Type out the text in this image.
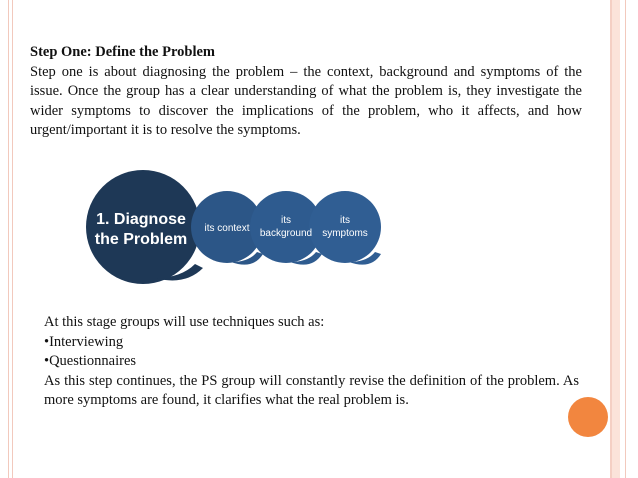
Step One: Define the Problem
Step one is about diagnosing the problem – the context, background and symptoms of the issue. Once the group has a clear understanding of what the problem is, they investigate the wider symptoms to discover the implications of the problem, who it affects, and how urgent/important it is to resolve the symptoms.
1. Diagnose
the Problem
its context
its
background
its
symptoms
At this stage groups will use techniques such as:
•Interviewing
•Questionnaires
As this step continues, the PS group will constantly revise the definition of the problem. As more symptoms are found, it clarifies what the real problem is.
